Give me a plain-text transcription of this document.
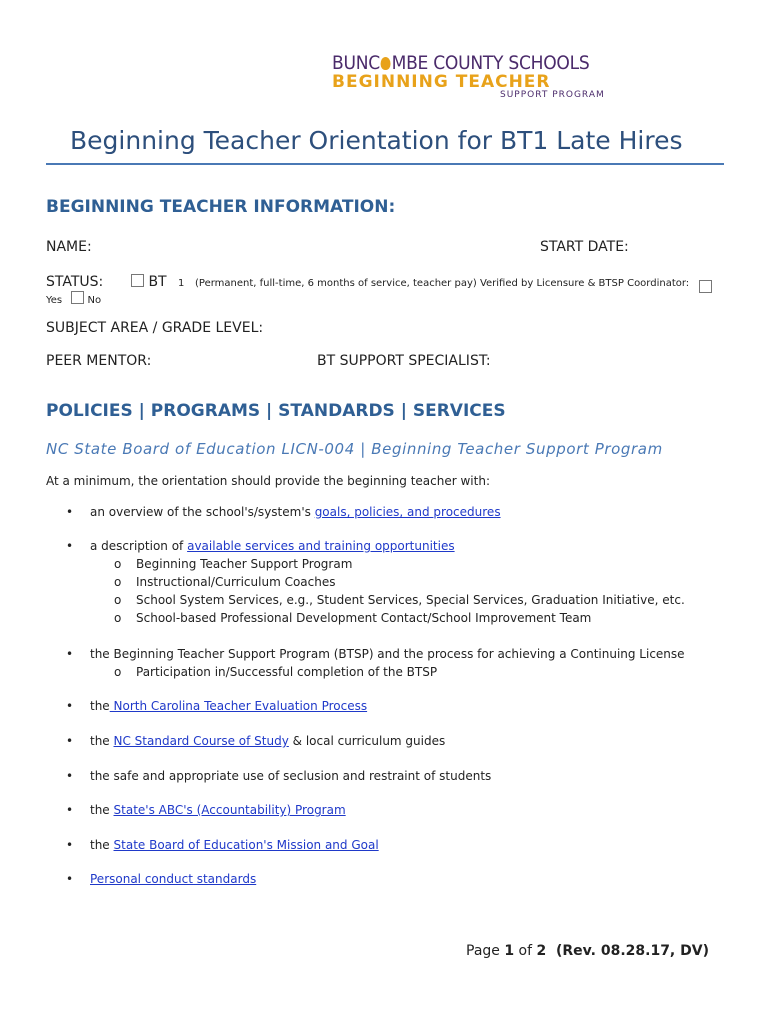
BUNC MBE COUNTY SCHOOLS
BEGINNING TEACHER
SUPPORT PROGRAM
Beginning Teacher Orientation for BT1 Late Hires
BEGINNING TEACHER INFORMATION:
NAME:	START DATE:
STATUS:	BT 1 (Permanent, full-time, 6 months of service, teacher pay) Verified by Licensure & BTSP Coordinator:
Yes	No
SUBJECT AREA / GRADE LEVEL:
PEER MENTOR:	BT SUPPORT SPECIALIST:
POLICIES | PROGRAMS | STANDARDS | SERVICES
NC State Board of Education LICN-004 | Beginning Teacher Support Program
At a minimum, the orientation should provide the beginning teacher with:
• an overview of the school's/system's goals, policies, and procedures
• a description of available services and training opportunities
o Beginning Teacher Support Program
o Instructional/Curriculum Coaches
o School System Services, e.g., Student Services, Special Services, Graduation Initiative, etc.
o School-based Professional Development Contact/School Improvement Team
• the Beginning Teacher Support Program (BTSP) and the process for achieving a Continuing License
o Participation in/Successful completion of the BTSP
• the North Carolina Teacher Evaluation Process
• the NC Standard Course of Study & local curriculum guides
• the safe and appropriate use of seclusion and restraint of students
• the State's ABC's (Accountability) Program
• the State Board of Education's Mission and Goal
• Personal conduct standards
Page 1 of 2  (Rev. 08.28.17, DV)
